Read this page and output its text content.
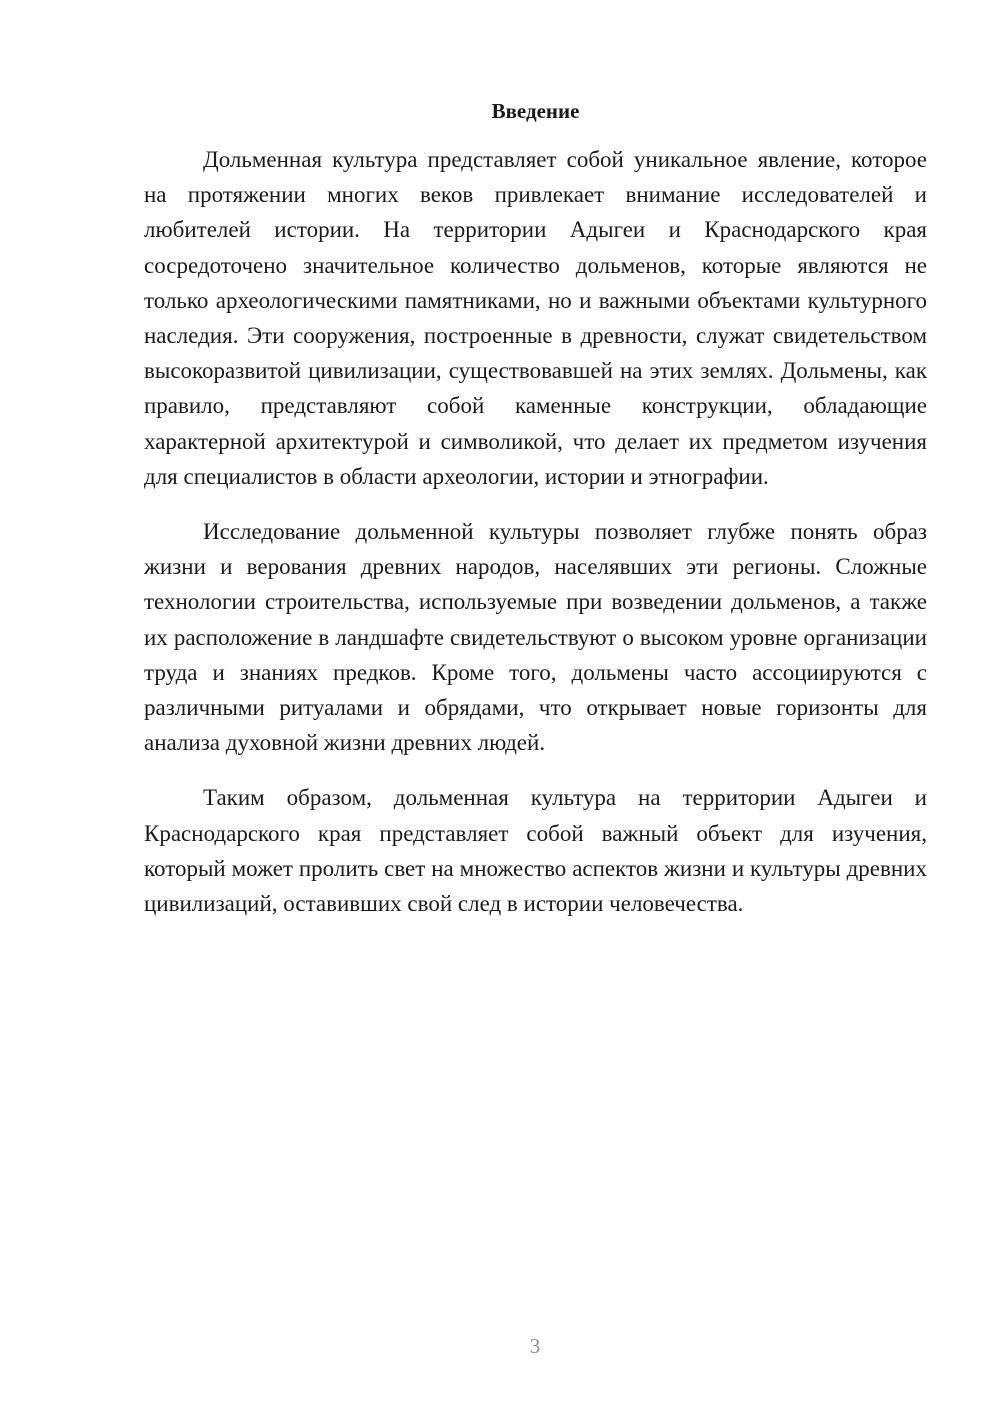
Введение

Дольменная культура представляет собой уникальное явление, которое на протяжении многих веков привлекает внимание исследователей и любителей истории. На территории Адыгеи и Краснодарского края сосредоточено значительное количество дольменов, которые являются не только археологическими памятниками, но и важными объектами культурного наследия. Эти сооружения, построенные в древности, служат свидетельством высокоразвитой цивилизации, существовавшей на этих землях. Дольмены, как правило, представляют собой каменные конструкции, обладающие характерной архитектурой и символикой, что делает их предметом изучения для специалистов в области археологии, истории и этнографии.

Исследование дольменной культуры позволяет глубже понять образ жизни и верования древних народов, населявших эти регионы. Сложные технологии строительства, используемые при возведении дольменов, а также их расположение в ландшафте свидетельствуют о высоком уровне организации труда и знаниях предков. Кроме того, дольмены часто ассоциируются с различными ритуалами и обрядами, что открывает новые горизонты для анализа духовной жизни древних людей.

Таким образом, дольменная культура на территории Адыгеи и Краснодарского края представляет собой важный объект для изучения, который может пролить свет на множество аспектов жизни и культуры древних цивилизаций, оставивших свой след в истории человечества.

3
